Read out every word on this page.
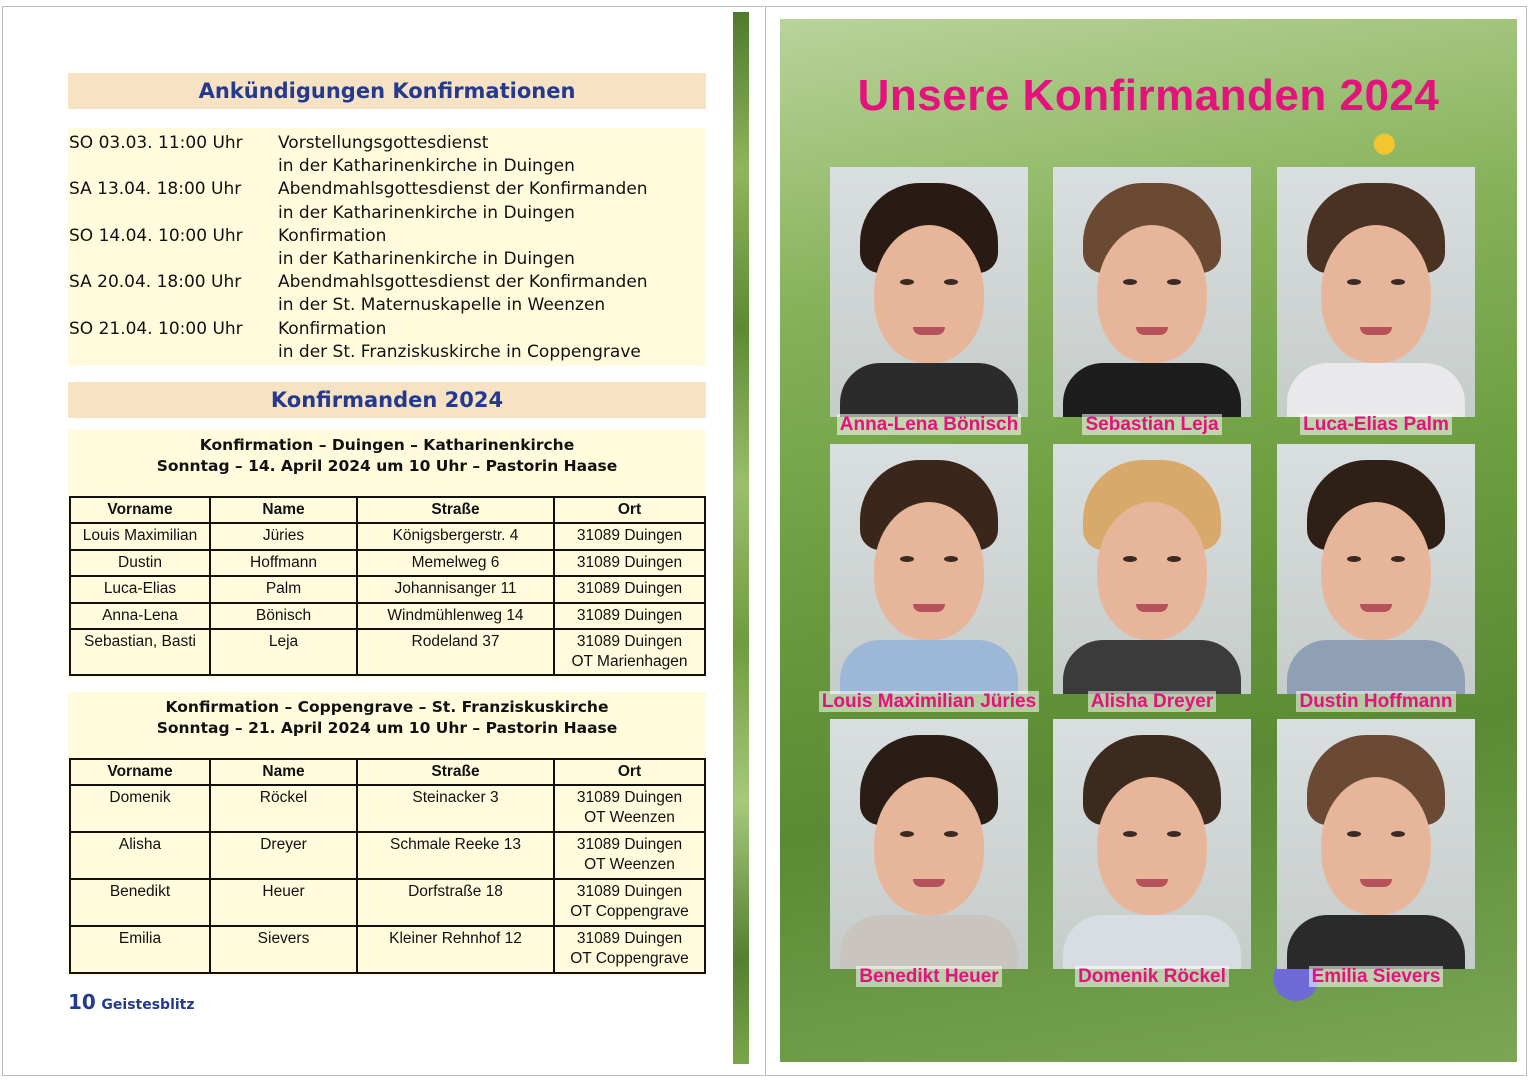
Ankündigungen Konfirmationen
SO 03.03. 11:00 Uhr	Vorstellungsgottesdienst
in der Katharinenkirche in Duingen
SA 13.04. 18:00 Uhr	Abendmahlsgottesdienst der Konfirmanden
in der Katharinenkirche in Duingen
SO 14.04. 10:00 Uhr	Konfirmation
in der Katharinenkirche in Duingen
SA 20.04. 18:00 Uhr	Abendmahlsgottesdienst der Konfirmanden
in der St. Maternuskapelle in Weenzen
SO 21.04. 10:00 Uhr	Konfirmation
in der St. Franziskuskirche in Coppengrave
Konfirmanden 2024
Konfirmation – Duingen – Katharinenkirche
Sonntag – 14. April 2024 um 10 Uhr – Pastorin Haase
Vorname	Name	Straße	Ort
Louis Maximilian	Jüries	Königsbergerstr. 4	31089 Duingen
Dustin	Hoffmann	Memelweg 6	31089 Duingen
Luca-Elias	Palm	Johannisanger 11	31089 Duingen
Anna-Lena	Bönisch	Windmühlenweg 14	31089 Duingen
Sebastian, Basti	Leja	Rodeland 37	31089 Duingen
OT Marienhagen
Konfirmation – Coppengrave – St. Franziskuskirche
Sonntag – 21. April 2024 um 10 Uhr – Pastorin Haase
Vorname	Name	Straße	Ort
Domenik	Röckel	Steinacker 3	31089 Duingen
OT Weenzen

Alisha	Dreyer	Schmale Reeke 13	31089 Duingen
OT Weenzen

Benedikt	Heuer	Dorfstraße 18	31089 Duingen
OT Coppengrave

Emilia	Sievers	Kleiner Rehnhof 12	31089 Duingen
OT Coppengrave
10 Geistesblitz
Unsere Konfirmanden 2024
Anna-Lena Bönisch	Sebastian Leja	Luca-Elias Palm
Louis Maximilian Jüries	Alisha Dreyer	Dustin Hoffmann
Benedikt Heuer	Domenik Röckel	Emilia Sievers
